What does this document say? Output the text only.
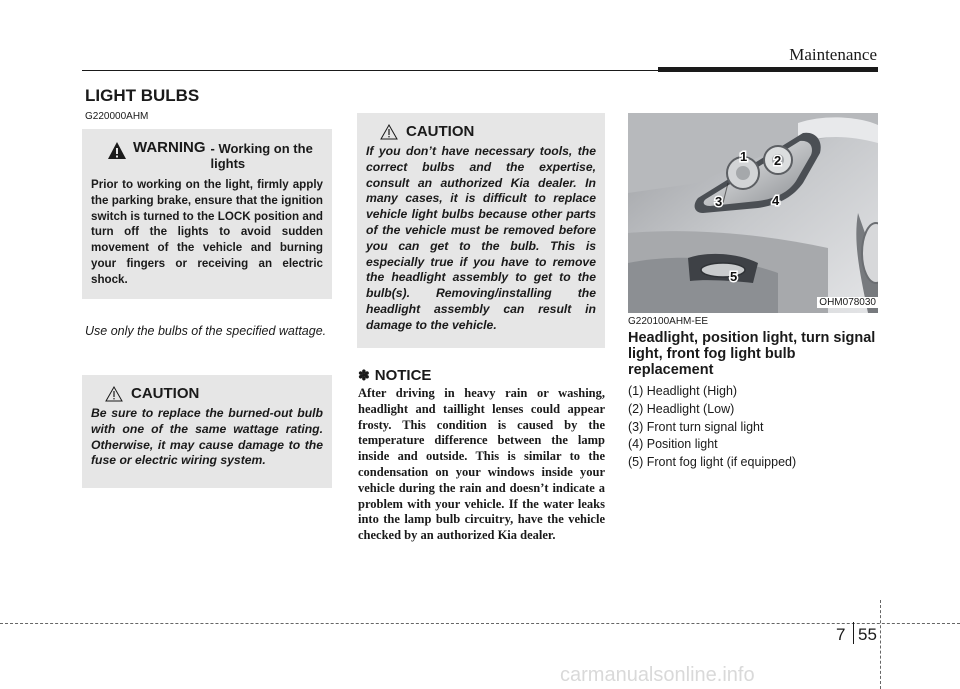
Maintenance
LIGHT BULBS
G220000AHM
WARNING - Working on the lights
Prior to working on the light, firmly apply the parking brake, ensure that the ignition switch is turned to the LOCK position and turn off the lights to avoid sudden movement of the vehicle and burning your fingers or receiving an electric shock.

Use only the bulbs of the specified wattage.

CAUTION
Be sure to replace the burned-out bulb with one of the same wattage rating. Otherwise, it may cause damage to the fuse or electric wiring system.
CAUTION
If you don’t have necessary tools, the correct bulbs and the expertise, consult an authorized Kia dealer. In many cases, it is difficult to replace vehicle light bulbs because other parts of the vehicle must be removed before you can get to the bulb. This is especially true if you have to remove the headlight assembly to get to the bulb(s). Removing/installing the headlight assembly can result in damage to the vehicle.
✽ NOTICE

After driving in heavy rain or washing, headlight and taillight lenses could appear frosty. This condition is caused by the temperature difference between the lamp inside and outside. This is similar to the condensation on your windows inside your vehicle during the rain and doesn’t indicate a problem with your vehicle. If the water leaks into the lamp bulb circuitry, have the vehicle checked by an authorized Kia dealer.

1 2
3	4
5
OHM078030
G220100AHM-EE
Headlight, position light, turn signal light, front fog light bulb replacement
(1) Headlight (High)
(2) Headlight (Low)
(3) Front turn signal light
(4) Position light
(5) Front fog light (if equipped)
7 55
carmanualsonline.info
